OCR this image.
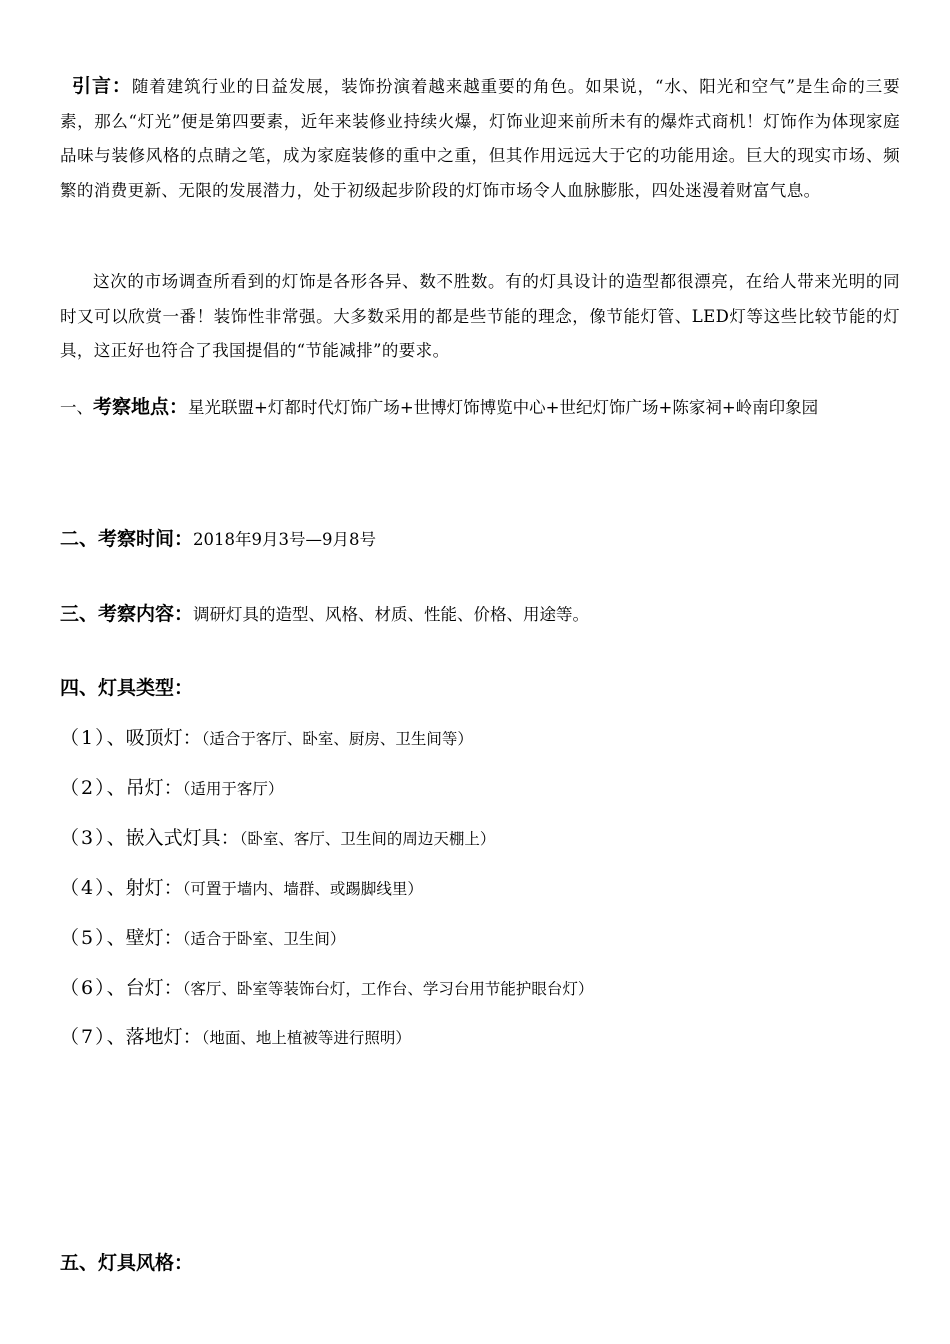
引言：随着建筑行业的日益发展，装饰扮演着越来越重要的角色。如果说，“水、阳光和空气”是生命的三要素，那么“灯光”便是第四要素，近年来装修业持续火爆，灯饰业迎来前所未有的爆炸式商机！灯饰作为体现家庭品味与装修风格的点睛之笔，成为家庭装修的重中之重，但其作用远远大于它的功能用途。巨大的现实市场、频繁的消费更新、无限的发展潜力，处于初级起步阶段的灯饰市场令人血脉膨胀，四处迷漫着财富气息。

这次的市场调查所看到的灯饰是各形各异、数不胜数。有的灯具设计的造型都很漂亮，在给人带来光明的同时又可以欣赏一番！装饰性非常强。大多数采用的都是些节能的理念，像节能灯管、LED灯等这些比较节能的灯具，这正好也符合了我国提倡的“节能减排”的要求。

一、考察地点：星光联盟+灯都时代灯饰广场+世博灯饰博览中心+世纪灯饰广场+陈家祠+岭南印象园

二、考察时间：2018年9月3号—9月8号

三、考察内容：调研灯具的造型、风格、材质、性能、价格、用途等。

四、灯具类型：

（1）、吸顶灯：（适合于客厅、卧室、厨房、卫生间等）
（2）、吊灯：（适用于客厅）
（3）、嵌入式灯具：（卧室、客厅、卫生间的周边天棚上）
（4）、射灯：（可置于墙内、墙群、或踢脚线里）
（5）、壁灯：（适合于卧室、卫生间）
（6）、台灯：（客厅、卧室等装饰台灯，工作台、学习台用节能护眼台灯）
（7）、落地灯：（地面、地上植被等进行照明）

五、灯具风格：
